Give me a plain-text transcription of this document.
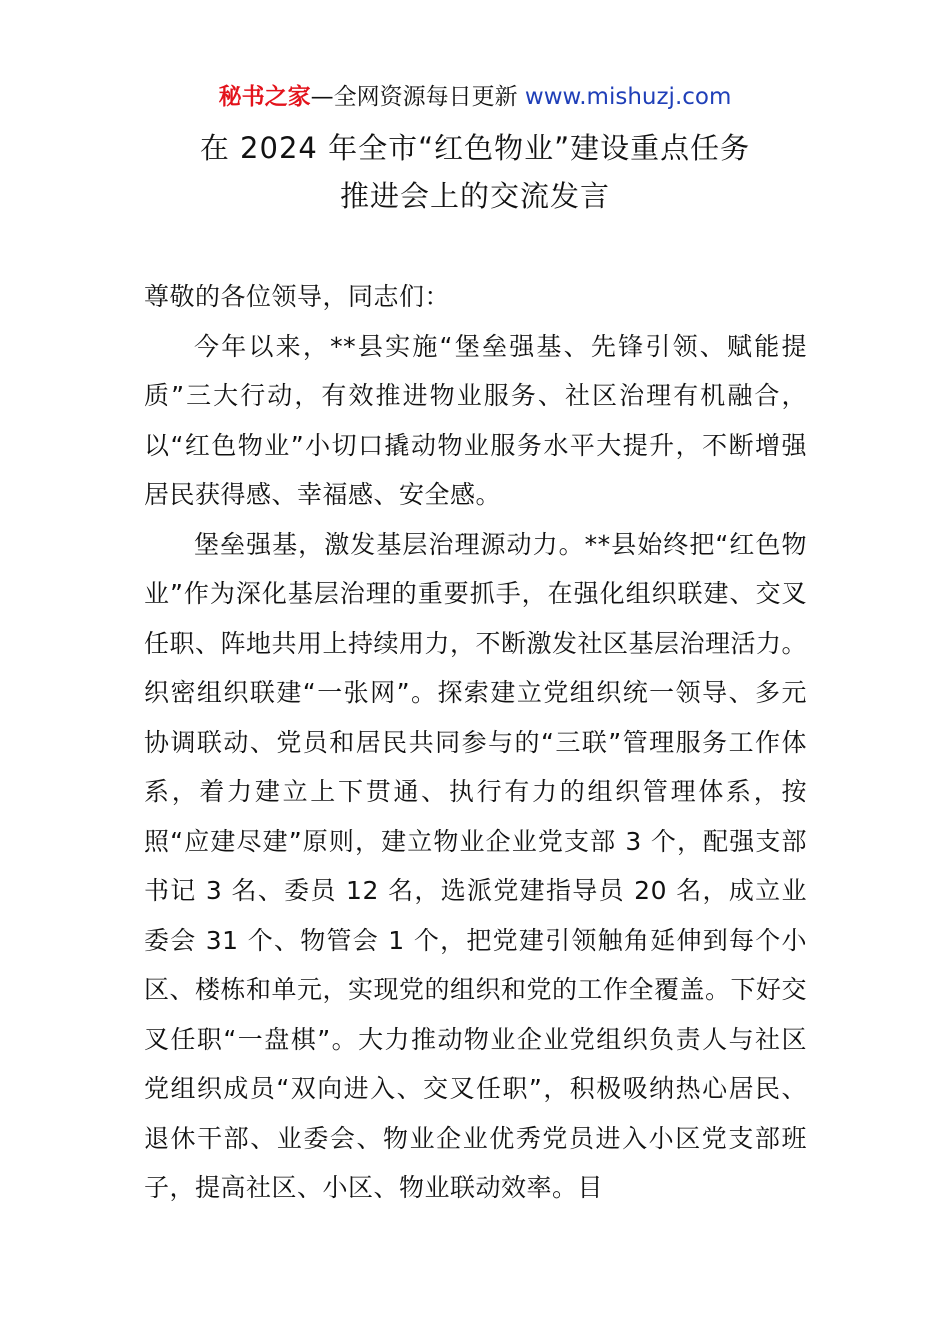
秘书之家—全网资源每日更新 www.mishuzj.com
在 2024 年全市“红色物业”建设重点任务
推进会上的交流发言

尊敬的各位领导，同志们：

今年以来，**县实施“堡垒强基、先锋引领、赋能提质”三大行动，有效推进物业服务、社区治理有机融合，以“红色物业”小切口撬动物业服务水平大提升，不断增强居民获得感、幸福感、安全感。

堡垒强基，激发基层治理源动力。**县始终把“红色物业”作为深化基层治理的重要抓手，在强化组织联建、交叉任职、阵地共用上持续用力，不断激发社区基层治理活力。织密组织联建“一张网”。探索建立党组织统一领导、多元协调联动、党员和居民共同参与的“三联”管理服务工作体系，着力建立上下贯通、执行有力的组织管理体系，按照“应建尽建”原则，建立物业企业党支部 3 个，配强支部书记 3 名、委员 12 名，选派党建指导员 20 名，成立业委会 31 个、物管会 1 个，把党建引领触角延伸到每个小区、楼栋和单元，实现党的组织和党的工作全覆盖。下好交叉任职“一盘棋”。大力推动物业企业党组织负责人与社区党组织成员“双向进入、交叉任职”，积极吸纳热心居民、退休干部、业委会、物业企业优秀党员进入小区党支部班子，提高社区、小区、物业联动效率。目
